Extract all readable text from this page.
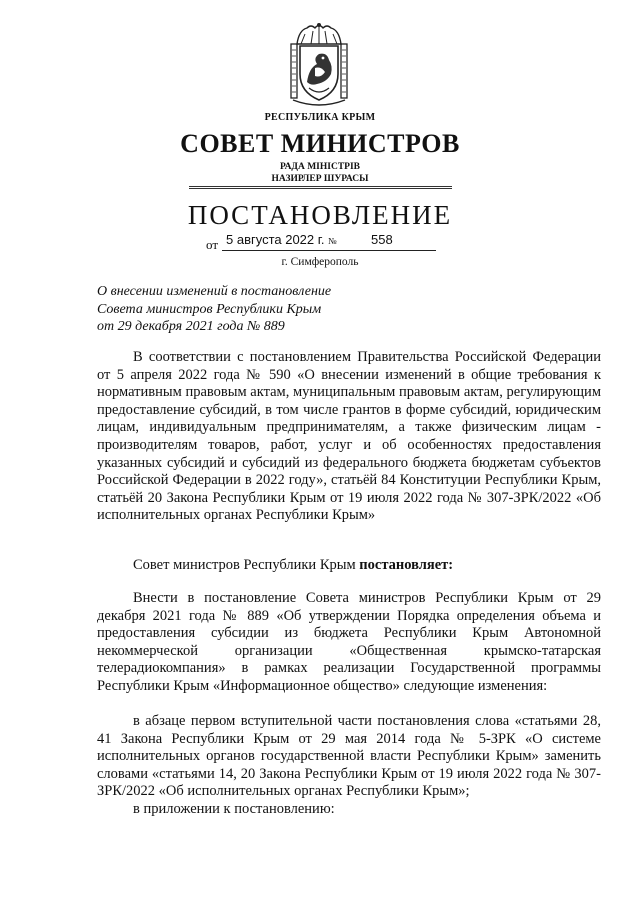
РЕСПУБЛИКА КРЫМ
СОВЕТ МИНИСТРОВ
РАДА МІНІСТРІВ
НАЗИРЛЕР ШУРАСЫ
ПОСТАНОВЛЕНИЕ
от 5 августа 2022 г. №	558
г. Симферополь
О внесении изменений в постановление
Совета министров Республики Крым
от 29 декабря 2021 года № 889
В соответствии с постановлением Правительства Российской Федерации от 5 апреля 2022 года № 590 «О внесении изменений в общие требования к нормативным правовым актам, муниципальным правовым актам, регулирующим предоставление субсидий, в том числе грантов в форме субсидий, юридическим лицам, индивидуальным предпринимателям, а также физическим лицам - производителям товаров, работ, услуг и об особенностях предоставления указанных субсидий и субсидий из федерального бюджета бюджетам субъектов Российской Федерации в 2022 году», статьёй 84 Конституции Республики Крым, статьёй 20 Закона Республики Крым от 19 июля 2022 года № 307-ЗРК/2022 «Об исполнительных органах Республики Крым»
Совет министров Республики Крым постановляет:
Внести в постановление Совета министров Республики Крым от 29 декабря 2021 года № 889 «Об утверждении Порядка определения объема и предоставления субсидии из бюджета Республики Крым Автономной некоммерческой организации «Общественная крымско-татарская телерадиокомпания» в рамках реализации Государственной программы Республики Крым «Информационное общество» следующие изменения:
в абзаце первом вступительной части постановления слова «статьями 28, 41 Закона Республики Крым от 29 мая 2014 года № 5-ЗРК «О системе исполнительных органов государственной власти Республики Крым» заменить словами «статьями 14, 20 Закона Республики Крым от 19 июля 2022 года № 307-ЗРК/2022 «Об исполнительных органах Республики Крым»;
в приложении к постановлению:
